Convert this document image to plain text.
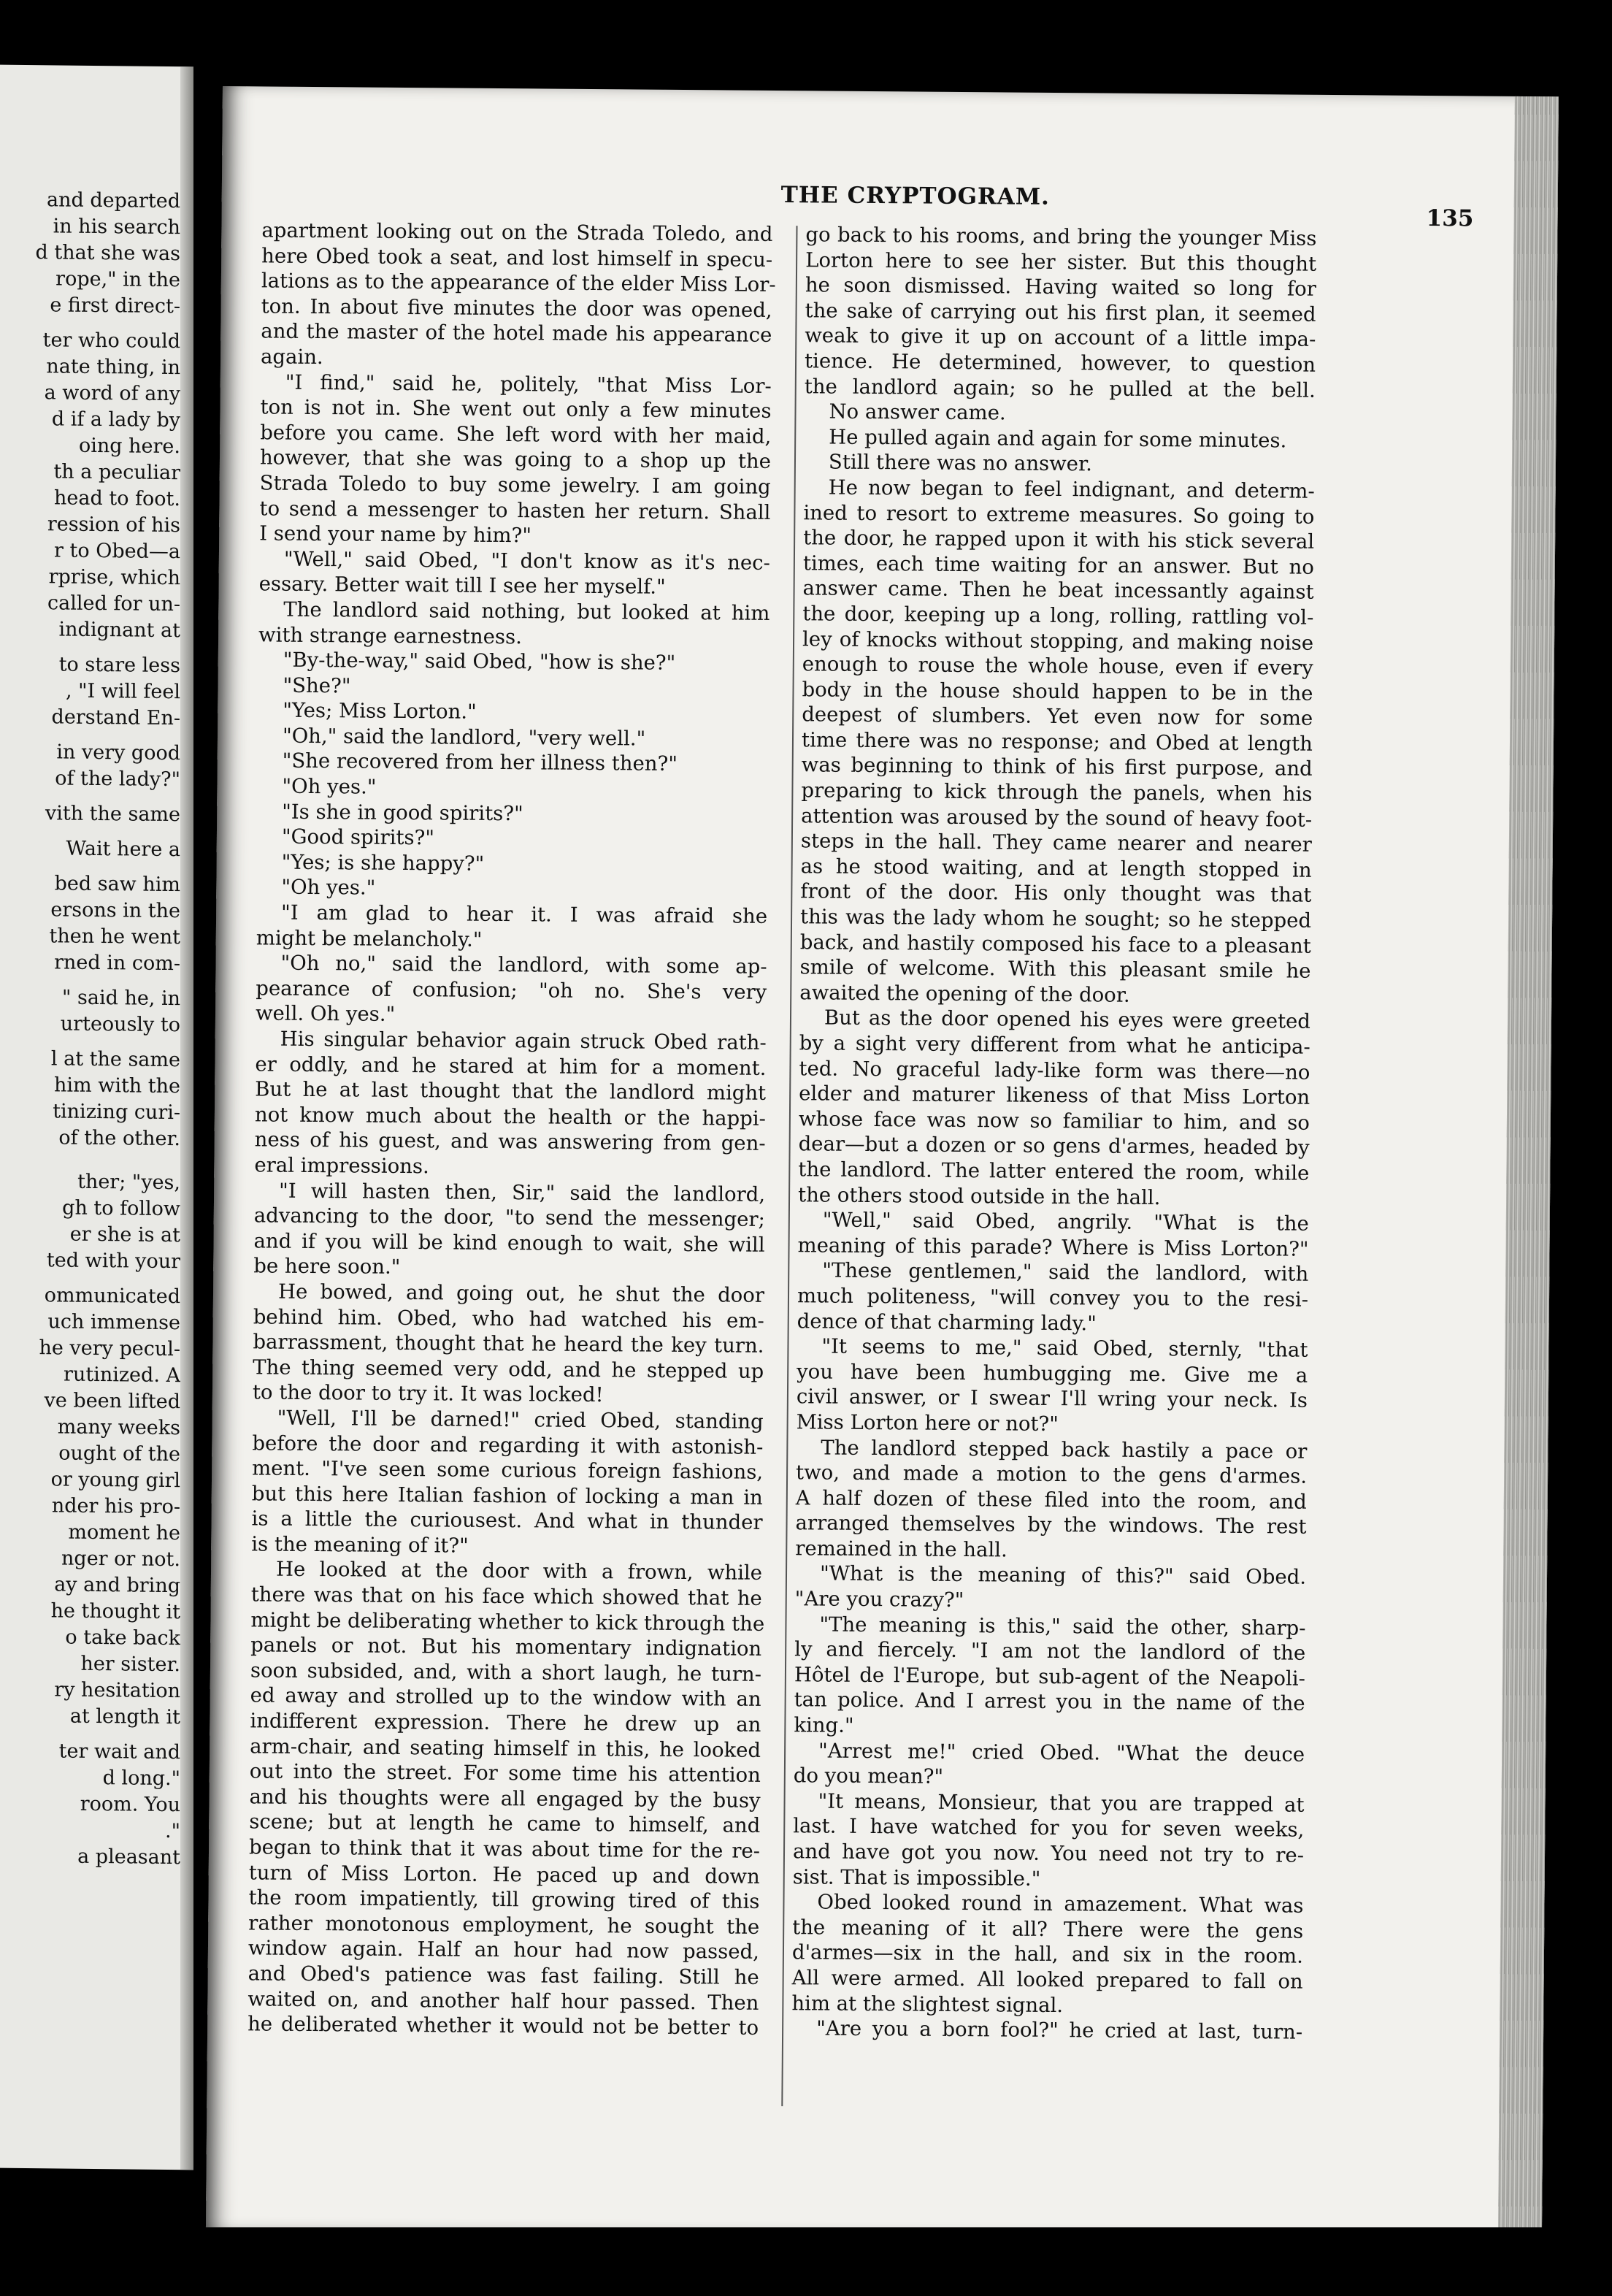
and departed
in his search
d that she was
rope," in the
e first direct-
ter who could
nate thing, in
a word of any
d if a lady by
oing here.
th a peculiar
head to foot.
ression of his
r to Obed—a
rprise, which
called for un-
indignant at
to stare less
, "I will feel
derstand En-
in very good
of the lady?"
vith the same
Wait here a
bed saw him
ersons in the
then he went
rned in com-
" said he, in
urteously to
l at the same
him with the
tinizing curi-
of the other.
ther; "yes,
gh to follow
er she is at
ted with your
ommunicated
uch immense
he very pecul-
rutinized. A
ve been lifted
many weeks
ought of the
or young girl
nder his pro-
moment he
nger or not.
ay and bring
he thought it
o take back
her sister.
ry hesitation
at length it
ter wait and
d long."
room. You
."
a pleasant
THE CRYPTOGRAM.
135
apartment looking out on the Strada Toledo, and
here Obed took a seat, and lost himself in specu-
lations as to the appearance of the elder Miss Lor-
ton. In about five minutes the door was opened,
and the master of the hotel made his appearance
again.
"I find," said he, politely, "that Miss Lor-
ton is not in. She went out only a few minutes
before you came. She left word with her maid,
however, that she was going to a shop up the
Strada Toledo to buy some jewelry. I am going
to send a messenger to hasten her return. Shall
I send your name by him?"
"Well," said Obed, "I don't know as it's nec-
essary. Better wait till I see her myself."
The landlord said nothing, but looked at him
with strange earnestness.
"By-the-way," said Obed, "how is she?"
"She?"
"Yes; Miss Lorton."
"Oh," said the landlord, "very well."
"She recovered from her illness then?"
"Oh yes."
"Is she in good spirits?"
"Good spirits?"
"Yes; is she happy?"
"Oh yes."
"I am glad to hear it. I was afraid she
might be melancholy."
"Oh no," said the landlord, with some ap-
pearance of confusion; "oh no. She's very
well. Oh yes."
His singular behavior again struck Obed rath-
er oddly, and he stared at him for a moment.
But he at last thought that the landlord might
not know much about the health or the happi-
ness of his guest, and was answering from gen-
eral impressions.
"I will hasten then, Sir," said the landlord,
advancing to the door, "to send the messenger;
and if you will be kind enough to wait, she will
be here soon."
He bowed, and going out, he shut the door
behind him. Obed, who had watched his em-
barrassment, thought that he heard the key turn.
The thing seemed very odd, and he stepped up
to the door to try it. It was locked!
"Well, I'll be darned!" cried Obed, standing
before the door and regarding it with astonish-
ment. "I've seen some curious foreign fashions,
but this here Italian fashion of locking a man in
is a little the curiousest. And what in thunder
is the meaning of it?"
He looked at the door with a frown, while
there was that on his face which showed that he
might be deliberating whether to kick through the
panels or not. But his momentary indignation
soon subsided, and, with a short laugh, he turn-
ed away and strolled up to the window with an
indifferent expression. There he drew up an
arm-chair, and seating himself in this, he looked
out into the street. For some time his attention
and his thoughts were all engaged by the busy
scene; but at length he came to himself, and
began to think that it was about time for the re-
turn of Miss Lorton. He paced up and down
the room impatiently, till growing tired of this
rather monotonous employment, he sought the
window again. Half an hour had now passed,
and Obed's patience was fast failing. Still he
waited on, and another half hour passed. Then
he deliberated whether it would not be better to
go back to his rooms, and bring the younger Miss
Lorton here to see her sister. But this thought
he soon dismissed. Having waited so long for
the sake of carrying out his first plan, it seemed
weak to give it up on account of a little impa-
tience. He determined, however, to question
the landlord again; so he pulled at the bell.
No answer came.
He pulled again and again for some minutes.
Still there was no answer.
He now began to feel indignant, and determ-
ined to resort to extreme measures. So going to
the door, he rapped upon it with his stick several
times, each time waiting for an answer. But no
answer came. Then he beat incessantly against
the door, keeping up a long, rolling, rattling vol-
ley of knocks without stopping, and making noise
enough to rouse the whole house, even if every
body in the house should happen to be in the
deepest of slumbers. Yet even now for some
time there was no response; and Obed at length
was beginning to think of his first purpose, and
preparing to kick through the panels, when his
attention was aroused by the sound of heavy foot-
steps in the hall. They came nearer and nearer
as he stood waiting, and at length stopped in
front of the door. His only thought was that
this was the lady whom he sought; so he stepped
back, and hastily composed his face to a pleasant
smile of welcome. With this pleasant smile he
awaited the opening of the door.
But as the door opened his eyes were greeted
by a sight very different from what he anticipa-
ted. No graceful lady-like form was there—no
elder and maturer likeness of that Miss Lorton
whose face was now so familiar to him, and so
dear—but a dozen or so gens d'armes, headed by
the landlord. The latter entered the room, while
the others stood outside in the hall.
"Well," said Obed, angrily. "What is the
meaning of this parade? Where is Miss Lorton?"
"These gentlemen," said the landlord, with
much politeness, "will convey you to the resi-
dence of that charming lady."
"It seems to me," said Obed, sternly, "that
you have been humbugging me. Give me a
civil answer, or I swear I'll wring your neck. Is
Miss Lorton here or not?"
The landlord stepped back hastily a pace or
two, and made a motion to the gens d'armes.
A half dozen of these filed into the room, and
arranged themselves by the windows. The rest
remained in the hall.
"What is the meaning of this?" said Obed.
"Are you crazy?"
"The meaning is this," said the other, sharp-
ly and fiercely. "I am not the landlord of the
Hôtel de l'Europe, but sub-agent of the Neapoli-
tan police. And I arrest you in the name of the
king."
"Arrest me!" cried Obed. "What the deuce
do you mean?"
"It means, Monsieur, that you are trapped at
last. I have watched for you for seven weeks,
and have got you now. You need not try to re-
sist. That is impossible."
Obed looked round in amazement. What was
the meaning of it all? There were the gens
d'armes—six in the hall, and six in the room.
All were armed. All looked prepared to fall on
him at the slightest signal.
"Are you a born fool?" he cried at last, turn-
